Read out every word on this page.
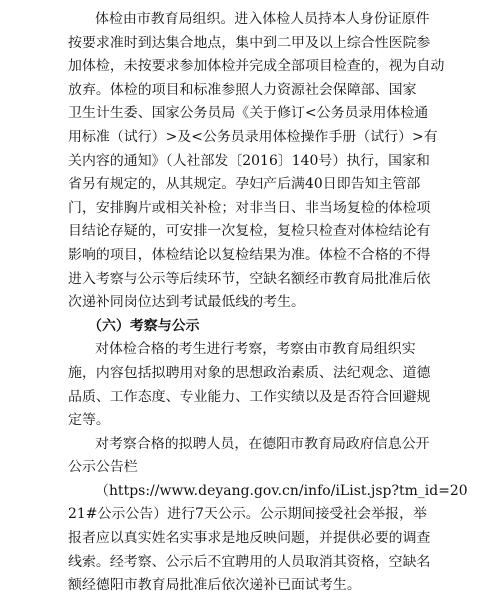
体检由市教育局组织。进入体检人员持本人身份证原件
按要求准时到达集合地点，集中到二甲及以上综合性医院参
加体检，未按要求参加体检并完成全部项目检查的，视为自动
放弃。体检的项目和标准参照人力资源社会保障部、国家
卫生计生委、国家公务员局《关于修订<公务员录用体检通
用标准（试行）>及<公务员录用体检操作手册（试行）>有
关内容的通知》（人社部发〔2016〕140号）执行，国家和
省另有规定的，从其规定。孕妇产后满40日即告知主管部
门，安排胸片或相关补检；对非当日、非当场复检的体检项
目结论存疑的，可安排一次复检，复检只检查对体检结论有
影响的项目，体检结论以复检结果为准。体检不合格的不得
进入考察与公示等后续环节，空缺名额经市教育局批准后依
次递补同岗位达到考试最低线的考生。
（六）考察与公示
对体检合格的考生进行考察，考察由市教育局组织实
施，内容包括拟聘用对象的思想政治素质、法纪观念、道德
品质、工作态度、专业能力、工作实绩以及是否符合回避规
定等。
对考察合格的拟聘人员，在德阳市教育局政府信息公开
公示公告栏
（https://www.deyang.gov.cn/info/iList.jsp?tm_id=20
21#公示公告）进行7天公示。公示期间接受社会举报，举
报者应以真实姓名实事求是地反映问题，并提供必要的调查
线索。经考察、公示后不宜聘用的人员取消其资格，空缺名
额经德阳市教育局批准后依次递补已面试考生。
